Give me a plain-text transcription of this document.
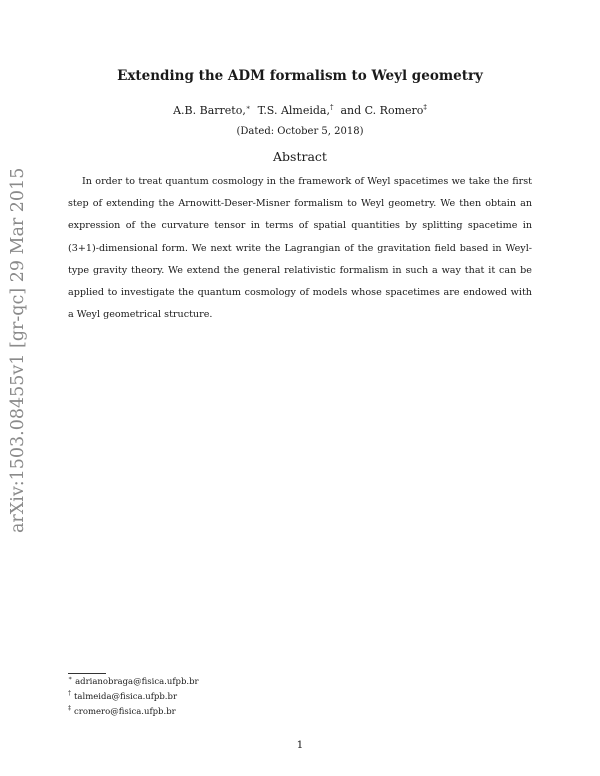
arXiv:1503.08455v1 [gr-qc] 29 Mar 2015
Extending the ADM formalism to Weyl geometry
A.B. Barreto,∗ T.S. Almeida,† and C. Romero‡
(Dated: October 5, 2018)
Abstract
In order to treat quantum cosmology in the framework of Weyl spacetimes we take the first step of extending the Arnowitt-Deser-Misner formalism to Weyl geometry. We then obtain an expression of the curvature tensor in terms of spatial quantities by splitting spacetime in (3+1)-dimensional form. We next write the Lagrangian of the gravitation field based in Weyl-type gravity theory. We extend the general relativistic formalism in such a way that it can be applied to investigate the quantum cosmology of models whose spacetimes are endowed with a Weyl geometrical structure.
∗ adrianobraga@fisica.ufpb.br
† talmeida@fisica.ufpb.br
‡ cromero@fisica.ufpb.br
1
